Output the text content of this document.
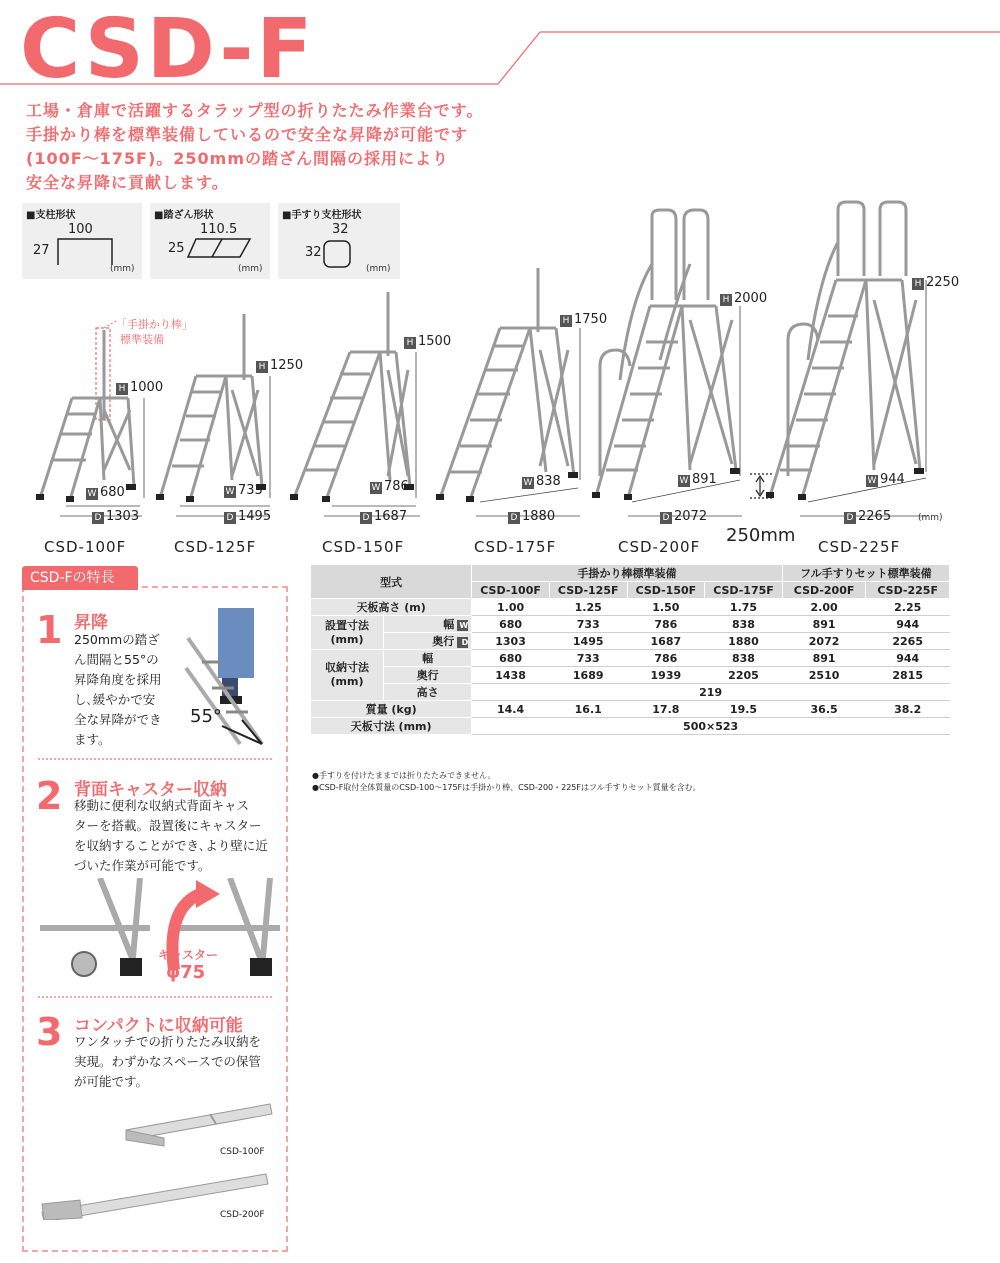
CSD-F
工場・倉庫で活躍するタラップ型の折りたたみ作業台です。
手掛かり棒を標準装備しているので安全な昇降が可能です
(100F〜175F)。250mmの踏ざん間隔の採用により
安全な昇降に貢献します。
■支柱形状
100
27
(mm)
■踏ざん形状
110.5
25
(mm)
■手すり支柱形状
32
32
(mm)
「手掛かり棒」
標準装備
H 1000
H 1250
H 1500
H 1750
H 2000
H 2250
W 680	W 733	W 786	W 838	W 891	W 944
D 1303	D 1495	D 1687	D 1880	D 2072	D 2265
250mm
(mm)
CSD-100F	CSD-125F	CSD-150F	CSD-175F	CSD-200F	CSD-225F
CSD-Fの特長
1 昇降
250mmの踏ざ
ん間隔と55°の
昇降角度を採用
し､緩やかで安
全な昇降ができ
ます。
55°
2 背面キャスター収納
移動に便利な収納式背面キャス
ターを搭載。設置後にキャスター
を収納することができ､より壁に近
づいた作業が可能です。
キャスター
φ75
3 コンパクトに収納可能
ワンタッチでの折りたたみ収納を
実現。わずかなスペースでの保管
が可能です。
CSD-100F
CSD-200F
型式		手掛かり棒標準装備				フル手すりセット標準装備	
		CSD-100F	CSD-125F	CSD-150F	CSD-175F	CSD-200F	CSD-225F
天板高さ (m)		1.00	1.25	1.50	1.75	2.00	2.25
設置寸法
(mm)	幅 W	680	733	786	838	891	944
	奥行 D	1303	1495	1687	1880	2072	2265
収納寸法
(mm)	幅	680	733	786	838	891	944
	奥行	1438	1689	1939	2205	2510	2815
	高さ	219					
質量 (kg)		14.4	16.1	17.8	19.5	36.5	38.2
天板寸法 (mm)		500×523					
●手すりを付けたままでは折りたたみできません。
●CSD-F取付全体質量のCSD-100〜175Fは手掛かり棒、CSD-200・225Fはフル手すりセット質量を含む。
